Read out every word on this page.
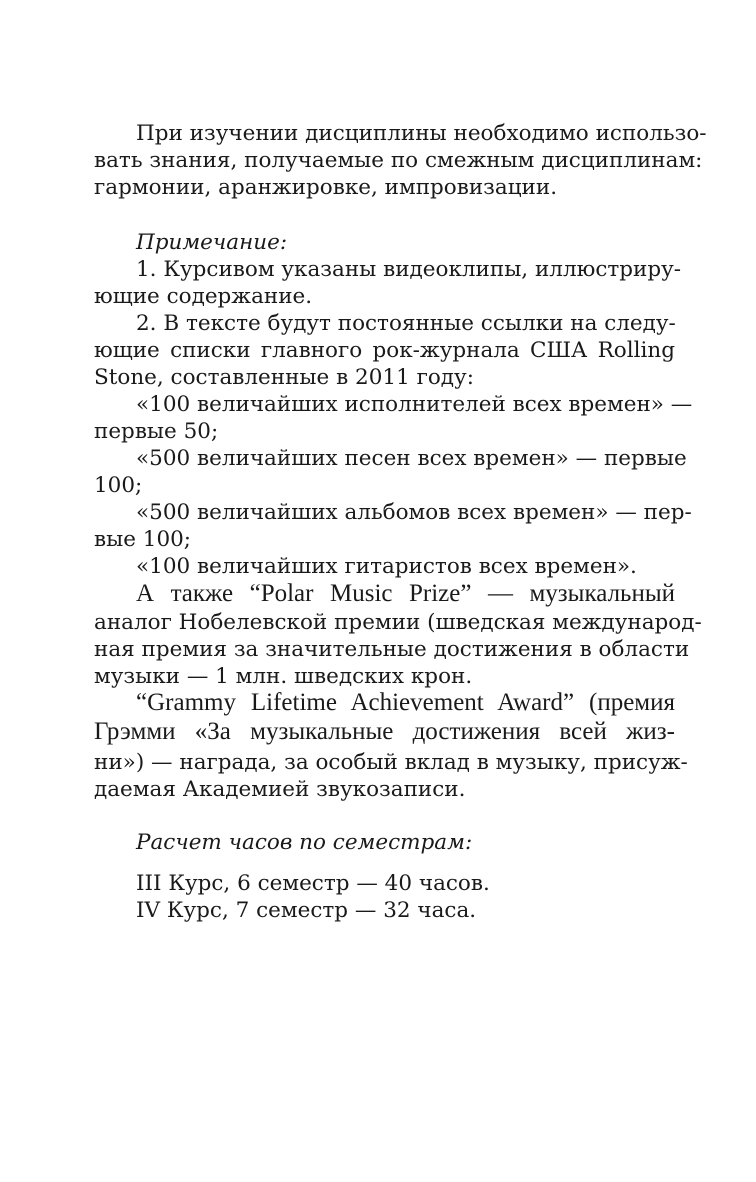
При изучении дисциплины необходимо использо-
вать знания, получаемые по смежным дисциплинам:
гармонии, аранжировке, импровизации.
Примечание:
1. Курсивом указаны видеоклипы, иллюстриру-
ющие содержание.
2. В тексте будут постоянные ссылки на следу-
ющие списки главного рок-журнала США Rolling
Stone, составленные в 2011 году:
«100 величайших исполнителей всех времен» —
первые 50;
«500 величайших песен всех времен» — первые
100;
«500 величайших альбомов всех времен» — пер-
вые 100;
«100 величайших гитаристов всех времен».
А также “Polar Music Prize” — музыкальный
аналог Нобелевской премии (шведская международ-
ная премия за значительные достижения в области
музыки — 1 млн. шведских крон.
“Grammy Lifetime Achievement Award” (премия
Грэмми «За музыкальные достижения всей жиз-
ни») — награда, за особый вклад в музыку, присуж-
даемая Академией звукозаписи.
Расчет часов по семестрам:
III Курс, 6 семестр — 40 часов.
IV Курс, 7 семестр — 32 часа.
